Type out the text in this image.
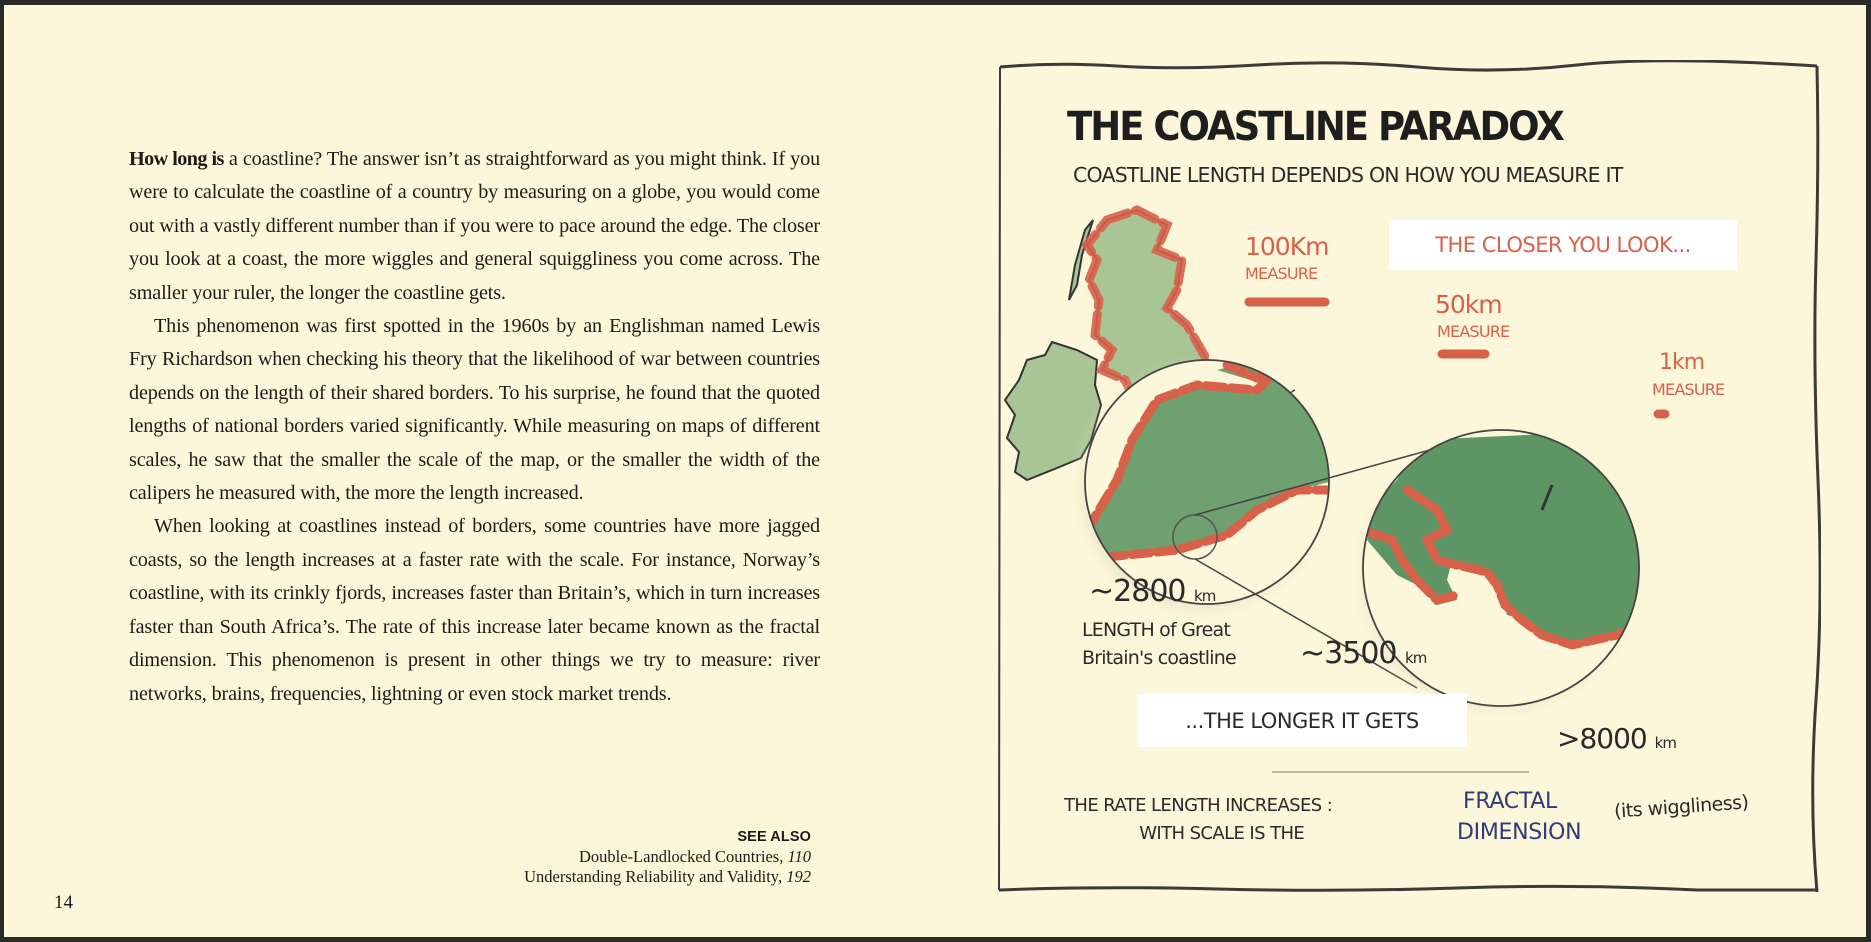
How long is a coastline? The answer isn’t as straightforward as you might think. If you were to calculate the coastline of a country by measuring on a globe, you would come out with a vastly different number than if you were to pace around the edge. The closer you look at a coast, the more wiggles and general squiggliness you come across. The smaller your ruler, the longer the coastline gets.

This phenomenon was first spotted in the 1960s by an Englishman named Lewis Fry Richardson when checking his theory that the likelihood of war between countries depends on the length of their shared borders. To his surprise, he found that the quoted lengths of national borders varied significantly. While measuring on maps of different scales, he saw that the smaller the scale of the map, or the smaller the width of the calipers he measured with, the more the length increased.

When looking at coastlines instead of borders, some countries have more jagged coasts, so the length increases at a faster rate with the scale. For instance, Norway’s coastline, with its crinkly fjords, increases faster than Britain’s, which in turn increases faster than South Africa’s. The rate of this increase later became known as the fractal dimension. This phenomenon is present in other things we try to measure: river networks, brains, frequencies, lightning or even stock market trends.

SEE ALSO
Double-Landlocked Countries, 110
Understanding Reliability and Validity, 192
14
THE COASTLINE PARADOX
COASTLINE LENGTH DEPENDS ON HOW YOU MEASURE IT
100Km
MEASURE
50km
MEASURE
1km
MEASURE
THE CLOSER YOU LOOK...
...THE LONGER IT GETS
~2800 km
LENGTH of Great
Britain's coastline ~3500 km
>8000 km
THE RATE LENGTH INCREASES :
WITH SCALE IS THE
FRACTAL
DIMENSION
(its wiggliness)
